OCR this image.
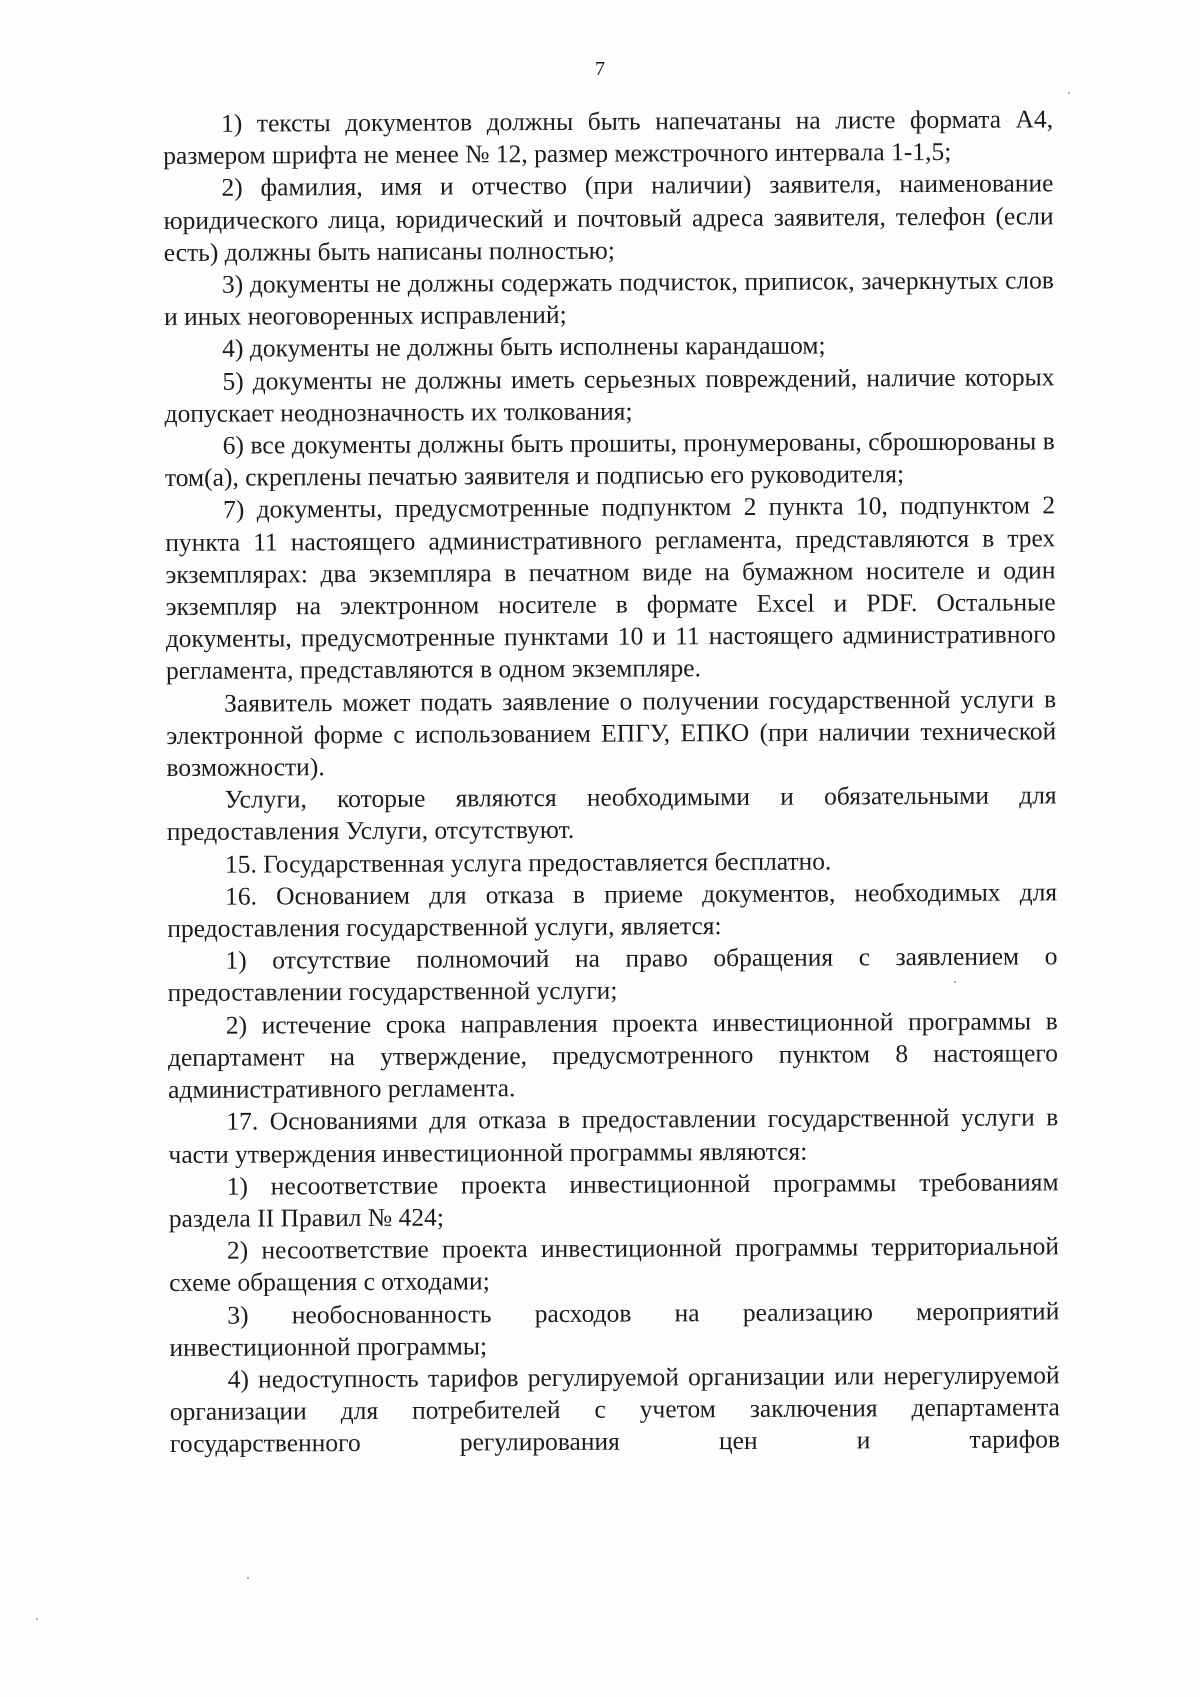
7

1) тексты документов должны быть напечатаны на листе формата А4, размером шрифта не менее № 12, размер межстрочного интервала 1-1,5;

2) фамилия, имя и отчество (при наличии) заявителя, наименование юридического лица, юридический и почтовый адреса заявителя, телефон (если есть) должны быть написаны полностью;

3) документы не должны содержать подчисток, приписок, зачеркнутых слов и иных неоговоренных исправлений;

4) документы не должны быть исполнены карандашом;

5) документы не должны иметь серьезных повреждений, наличие которых допускает неоднозначность их толкования;

6) все документы должны быть прошиты, пронумерованы, сброшюрованы в том(а), скреплены печатью заявителя и подписью его руководителя;

7) документы, предусмотренные подпунктом 2 пункта 10, подпунктом 2 пункта 11 настоящего административного регламента, представляются в трех экземплярах: два экземпляра в печатном виде на бумажном носителе и один экземпляр на электронном носителе в формате Excel и PDF. Остальные документы, предусмотренные пунктами 10 и 11 настоящего административного регламента, представляются в одном экземпляре.

Заявитель может подать заявление о получении государственной услуги в электронной форме с использованием ЕПГУ, ЕПКО (при наличии технической возможности).

Услуги, которые являются необходимыми и обязательными для предоставления Услуги, отсутствуют.

15. Государственная услуга предоставляется бесплатно.

16. Основанием для отказа в приеме документов, необходимых для предоставления государственной услуги, является:

1) отсутствие полномочий на право обращения с заявлением о предоставлении государственной услуги;

2) истечение срока направления проекта инвестиционной программы в департамент на утверждение, предусмотренного пунктом 8 настоящего административного регламента.

17. Основаниями для отказа в предоставлении государственной услуги в части утверждения инвестиционной программы являются:

1) несоответствие проекта инвестиционной программы требованиям раздела II Правил № 424;

2) несоответствие проекта инвестиционной программы территориальной схеме обращения с отходами;

3) необоснованность расходов на реализацию мероприятий инвестиционной программы;

4) недоступность тарифов регулируемой организации или нерегулируемой организации для потребителей с учетом заключения департамента государственного регулирования цен и тарифов
